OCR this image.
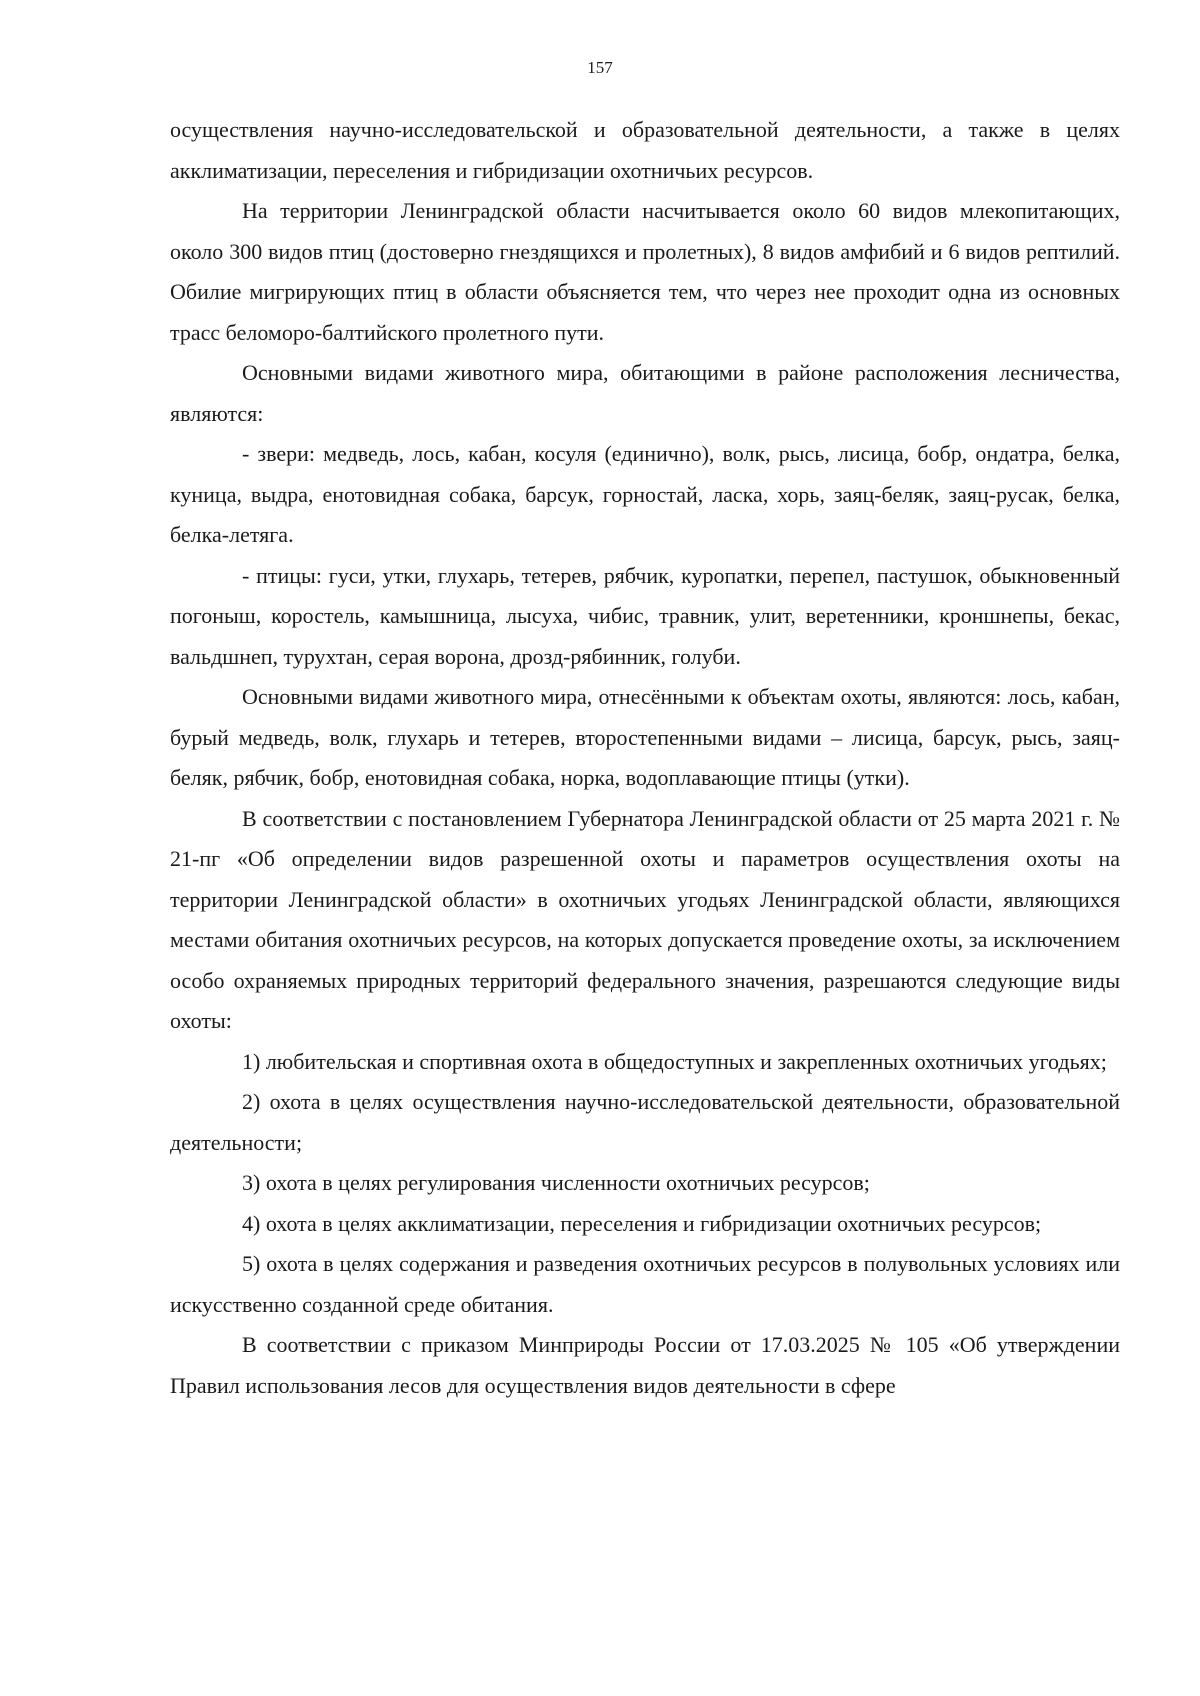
157

осуществления научно-исследовательской и образовательной деятельности, а также в целях акклиматизации, переселения и гибридизации охотничьих ресурсов.

На территории Ленинградской области насчитывается около 60 видов млекопитающих, около 300 видов птиц (достоверно гнездящихся и пролетных), 8 видов амфибий и 6 видов рептилий. Обилие мигрирующих птиц в области объясняется тем, что через нее проходит одна из основных трасс беломоро-балтийского пролетного пути.

Основными видами животного мира, обитающими в районе расположения лесничества, являются:

- звери: медведь, лось, кабан, косуля (единично), волк, рысь, лисица, бобр, ондатра, белка, куница, выдра, енотовидная собака, барсук, горностай, ласка, хорь, заяц-беляк, заяц-русак, белка, белка-летяга.

- птицы: гуси, утки, глухарь, тетерев, рябчик, куропатки, перепел, пастушок, обыкновенный погоныш, коростель, камышница, лысуха, чибис, травник, улит, веретенники, кроншнепы, бекас, вальдшнеп, турухтан, серая ворона, дрозд-рябинник, голуби.

Основными видами животного мира, отнесёнными к объектам охоты, являются: лось, кабан, бурый медведь, волк, глухарь и тетерев, второстепенными видами – лисица, барсук, рысь, заяц-беляк, рябчик, бобр, енотовидная собака, норка, водоплавающие птицы (утки).

В соответствии с постановлением Губернатора Ленинградской области от 25 марта 2021 г. № 21-пг «Об определении видов разрешенной охоты и параметров осуществления охоты на территории Ленинградской области» в охотничьих угодьях Ленинградской области, являющихся местами обитания охотничьих ресурсов, на которых допускается проведение охоты, за исключением особо охраняемых природных территорий федерального значения, разрешаются следующие виды охоты:

1) любительская и спортивная охота в общедоступных и закрепленных охотничьих угодьях;

2) охота в целях осуществления научно-исследовательской деятельности, образовательной деятельности;

3) охота в целях регулирования численности охотничьих ресурсов;

4) охота в целях акклиматизации, переселения и гибридизации охотничьих ресурсов;

5) охота в целях содержания и разведения охотничьих ресурсов в полувольных условиях или искусственно созданной среде обитания.

В соответствии с приказом Минприроды России от 17.03.2025 № 105 «Об утверждении Правил использования лесов для осуществления видов деятельности в сфере
